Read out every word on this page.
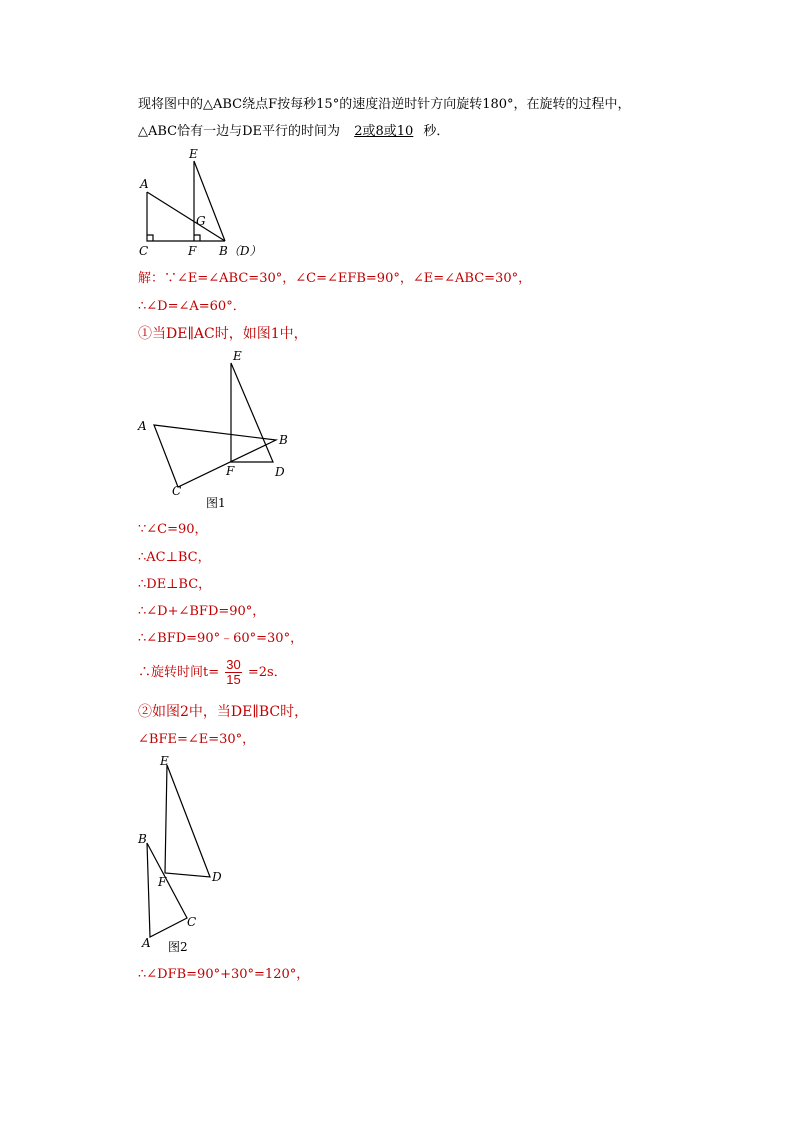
现将图中的△ABC绕点F按每秒15°的速度沿逆时针方向旋转180°，在旋转的过程中，
△ABC恰有一边与DE平行的时间为 2或8或10 秒．
E
A
G
C	F B（D）
解：∵∠E=∠ABC=30°，∠C=∠EFB=90°，∠E=∠ABC=30°，
∴∠D=∠A=60°．
①当DE∥AC时，如图1中，
E
A
B
F	D
C
图1
∵∠C=90，
∴AC⊥BC，
∴DE⊥BC，
∴∠D+∠BFD=90°，
∴∠BFD=90°﹣60°=30°，
∴旋转时间$t= \frac{30}{15} =2s$．
②如图2中，当DE∥BC时，
∠BFE=∠E=30°，
E
B
F	D
C
A 图2
∴∠DFB=90°+30°=120°，
